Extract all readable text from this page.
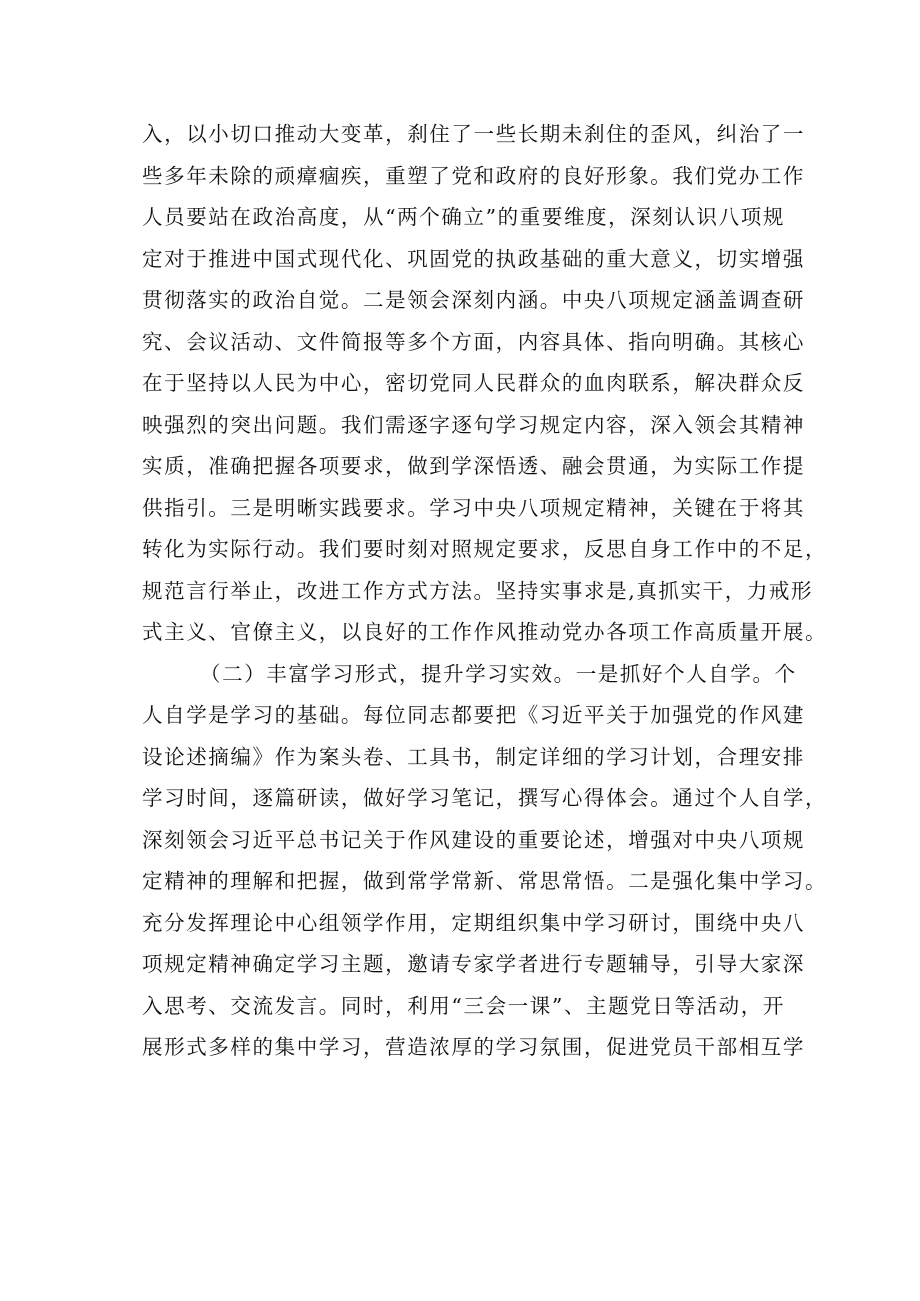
入，以小切口推动大变革，刹住了一些长期未刹住的歪风，纠治了一
些多年未除的顽瘴痼疾，重塑了党和政府的良好形象。我们党办工作
人员要站在政治高度，从“两个确立”的重要维度，深刻认识八项规
定对于推进中国式现代化、巩固党的执政基础的重大意义，切实增强
贯彻落实的政治自觉。二是领会深刻内涵。中央八项规定涵盖调查研
究、会议活动、文件简报等多个方面，内容具体、指向明确。其核心
在于坚持以人民为中心，密切党同人民群众的血肉联系，解决群众反
映强烈的突出问题。我们需逐字逐句学习规定内容，深入领会其精神
实质，准确把握各项要求，做到学深悟透、融会贯通，为实际工作提
供指引。三是明晰实践要求。学习中央八项规定精神，关键在于将其
转化为实际行动。我们要时刻对照规定要求，反思自身工作中的不足，
规范言行举止，改进工作方式方法。坚持实事求是,真抓实干，力戒形
式主义、官僚主义，以良好的工作作风推动党办各项工作高质量开展。
（二）丰富学习形式，提升学习实效。一是抓好个人自学。个
人自学是学习的基础。每位同志都要把《习近平关于加强党的作风建
设论述摘编》作为案头卷、工具书，制定详细的学习计划，合理安排
学习时间，逐篇研读，做好学习笔记，撰写心得体会。通过个人自学，
深刻领会习近平总书记关于作风建设的重要论述，增强对中央八项规
定精神的理解和把握，做到常学常新、常思常悟。二是强化集中学习。
充分发挥理论中心组领学作用，定期组织集中学习研讨，围绕中央八
项规定精神确定学习主题，邀请专家学者进行专题辅导，引导大家深
入思考、交流发言。同时，利用“三会一课”、主题党日等活动，开
展形式多样的集中学习，营造浓厚的学习氛围，促进党员干部相互学
